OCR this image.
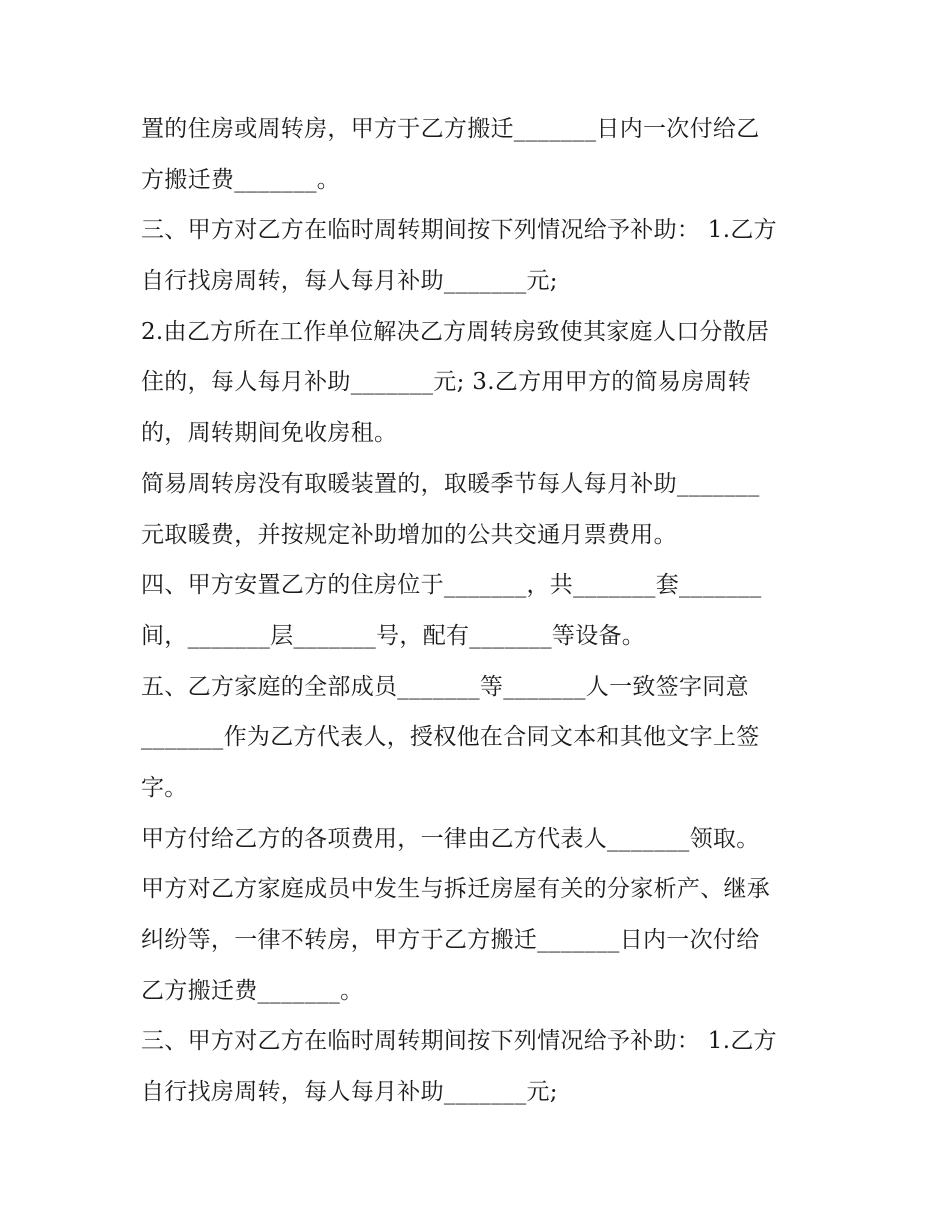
置的住房或周转房，甲方于乙方搬迁_______日内一次付给乙
方搬迁费_______。
三、甲方对乙方在临时周转期间按下列情况给予补助： 1.乙方
自行找房周转，每人每月补助_______元;
2.由乙方所在工作单位解决乙方周转房致使其家庭人口分散居
住的，每人每月补助_______元; 3.乙方用甲方的简易房周转
的，周转期间免收房租。
简易周转房没有取暖装置的，取暖季节每人每月补助_______
元取暖费，并按规定补助增加的公共交通月票费用。
四、甲方安置乙方的住房位于_______，共_______套_______
间，_______层_______号，配有_______等设备。
五、乙方家庭的全部成员_______等_______人一致签字同意
_______作为乙方代表人，授权他在合同文本和其他文字上签
字。
甲方付给乙方的各项费用，一律由乙方代表人_______领取。
甲方对乙方家庭成员中发生与拆迁房屋有关的分家析产、继承
纠纷等，一律不转房，甲方于乙方搬迁_______日内一次付给
乙方搬迁费_______。
三、甲方对乙方在临时周转期间按下列情况给予补助： 1.乙方
自行找房周转，每人每月补助_______元;
